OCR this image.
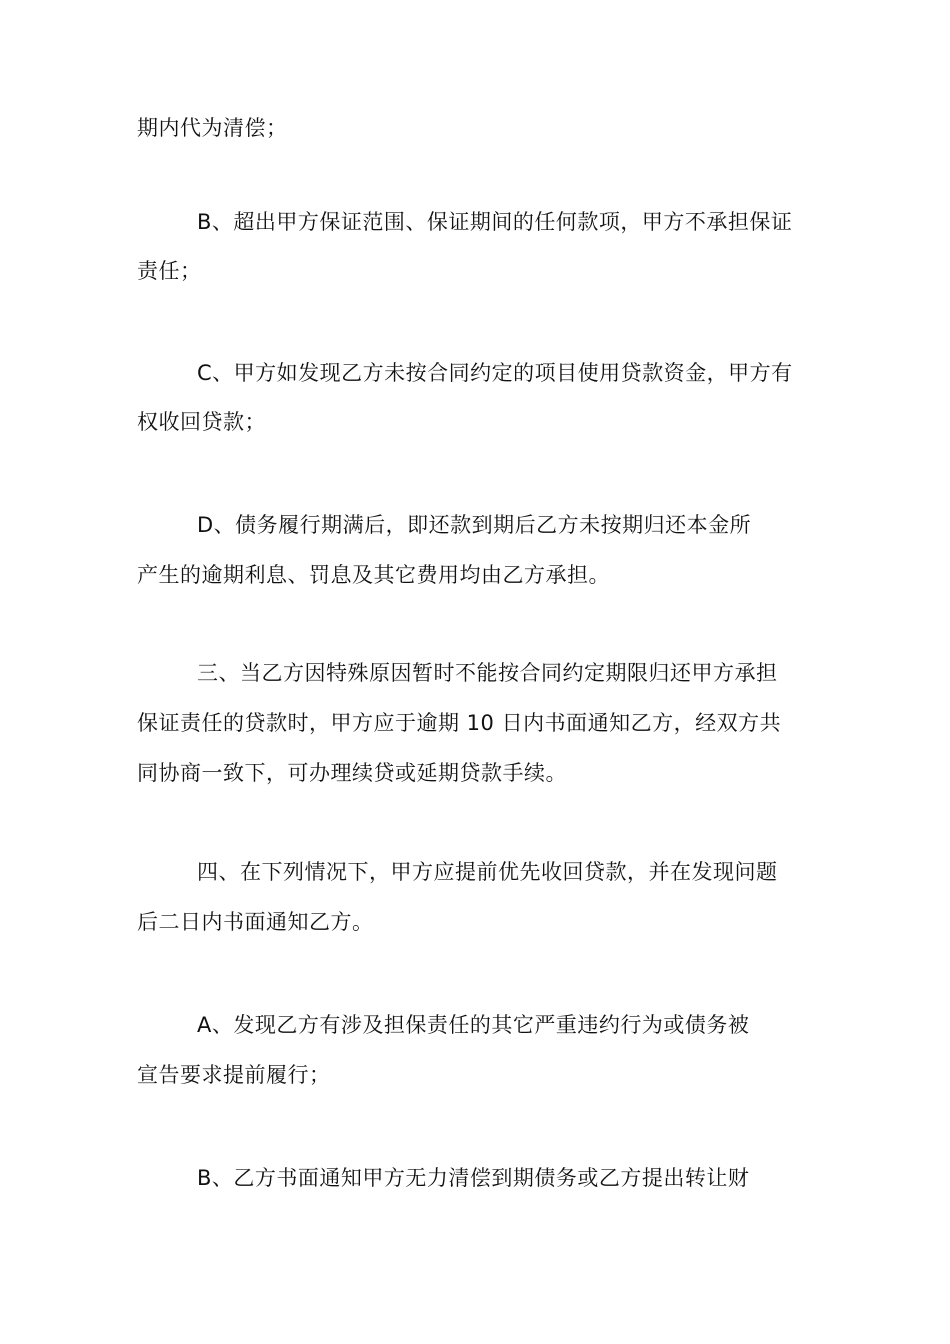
期内代为清偿；
B、超出甲方保证范围、保证期间的任何款项，甲方不承担保证
责任；
C、甲方如发现乙方未按合同约定的项目使用贷款资金，甲方有
权收回贷款；
D、债务履行期满后，即还款到期后乙方未按期归还本金所
产生的逾期利息、罚息及其它费用均由乙方承担。
三、当乙方因特殊原因暂时不能按合同约定期限归还甲方承担
保证责任的贷款时，甲方应于逾期 10 日内书面通知乙方，经双方共
同协商一致下，可办理续贷或延期贷款手续。
四、在下列情况下，甲方应提前优先收回贷款，并在发现问题
后二日内书面通知乙方。
A、发现乙方有涉及担保责任的其它严重违约行为或债务被
宣告要求提前履行；
B、乙方书面通知甲方无力清偿到期债务或乙方提出转让财
